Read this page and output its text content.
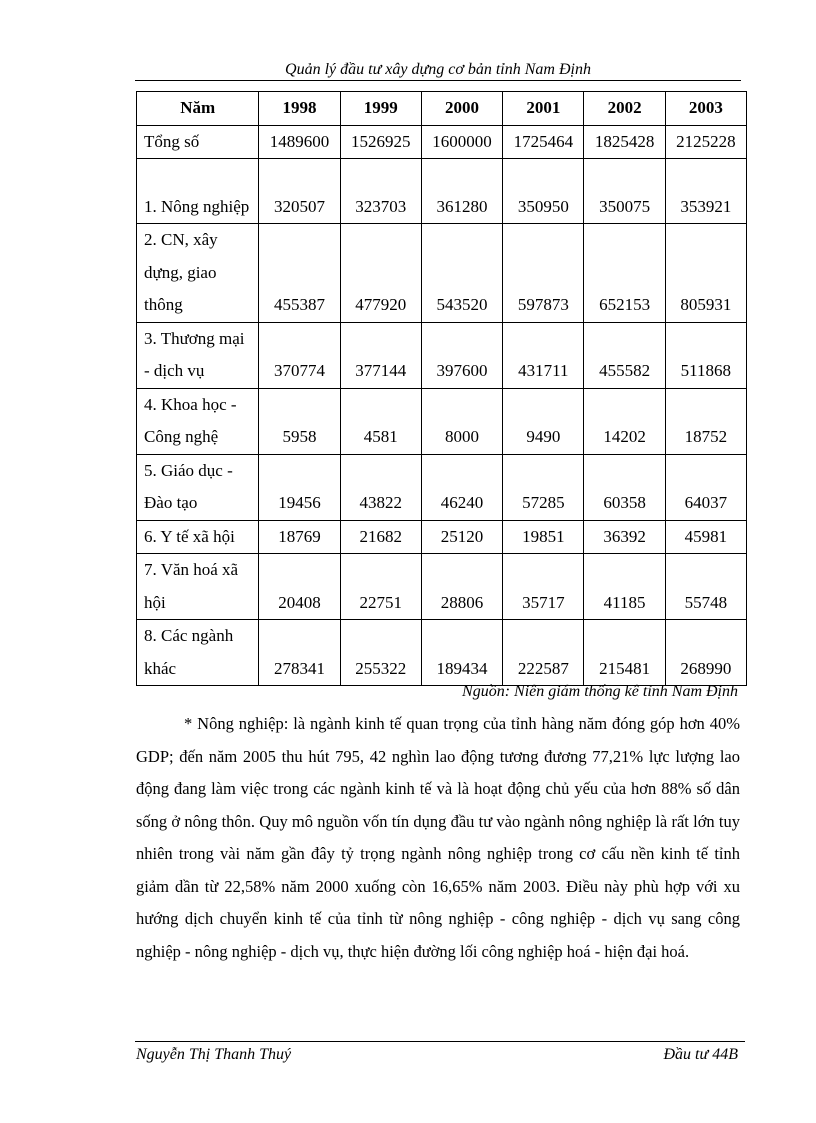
Quản lý đầu tư xây dựng cơ bản tỉnh Nam Định
Năm	1998	1999	2000	2001	2002	2003
Tổng số	1489600	1526925	1600000	1725464	1825428	2125228
1. Nông nghiệp	320507	323703	361280	350950	350075	353921
2. CN, xây dựng, giao thông	455387	477920	543520	597873	652153	805931
3. Thương mại - dịch vụ	370774	377144	397600	431711	455582	511868
4. Khoa học - Công nghệ	5958	4581	8000	9490	14202	18752
5. Giáo dục - Đào tạo	19456	43822	46240	57285	60358	64037
6. Y tế xã hội	18769	21682	25120	19851	36392	45981
7. Văn hoá xã hội	20408	22751	28806	35717	41185	55748
8. Các ngành khác	278341	255322	189434	222587	215481	268990
Nguồn: Niên giám thống kê tỉnh Nam Định

* Nông nghiệp: là ngành kinh tế quan trọng của tỉnh hàng năm đóng góp hơn 40% GDP; đến năm 2005 thu hút 795, 42 nghìn lao động tương đương 77,21% lực lượng lao động đang làm việc trong các ngành kinh tế và là hoạt động chủ yếu của hơn 88% số dân sống ở nông thôn. Quy mô nguồn vốn tín dụng đầu tư vào ngành nông nghiệp là rất lớn tuy nhiên trong vài năm gần đây tỷ trọng ngành nông nghiệp trong cơ cấu nền kinh tế tỉnh giảm dần từ 22,58% năm 2000 xuống còn 16,65% năm 2003. Điều này phù hợp với xu hướng dịch chuyển kinh tế của tỉnh từ nông nghiệp - công nghiệp - dịch vụ sang công nghiệp - nông nghiệp - dịch vụ, thực hiện đường lối công nghiệp hoá - hiện đại hoá.

Nguyễn Thị Thanh Thuý	Đầu tư 44B
